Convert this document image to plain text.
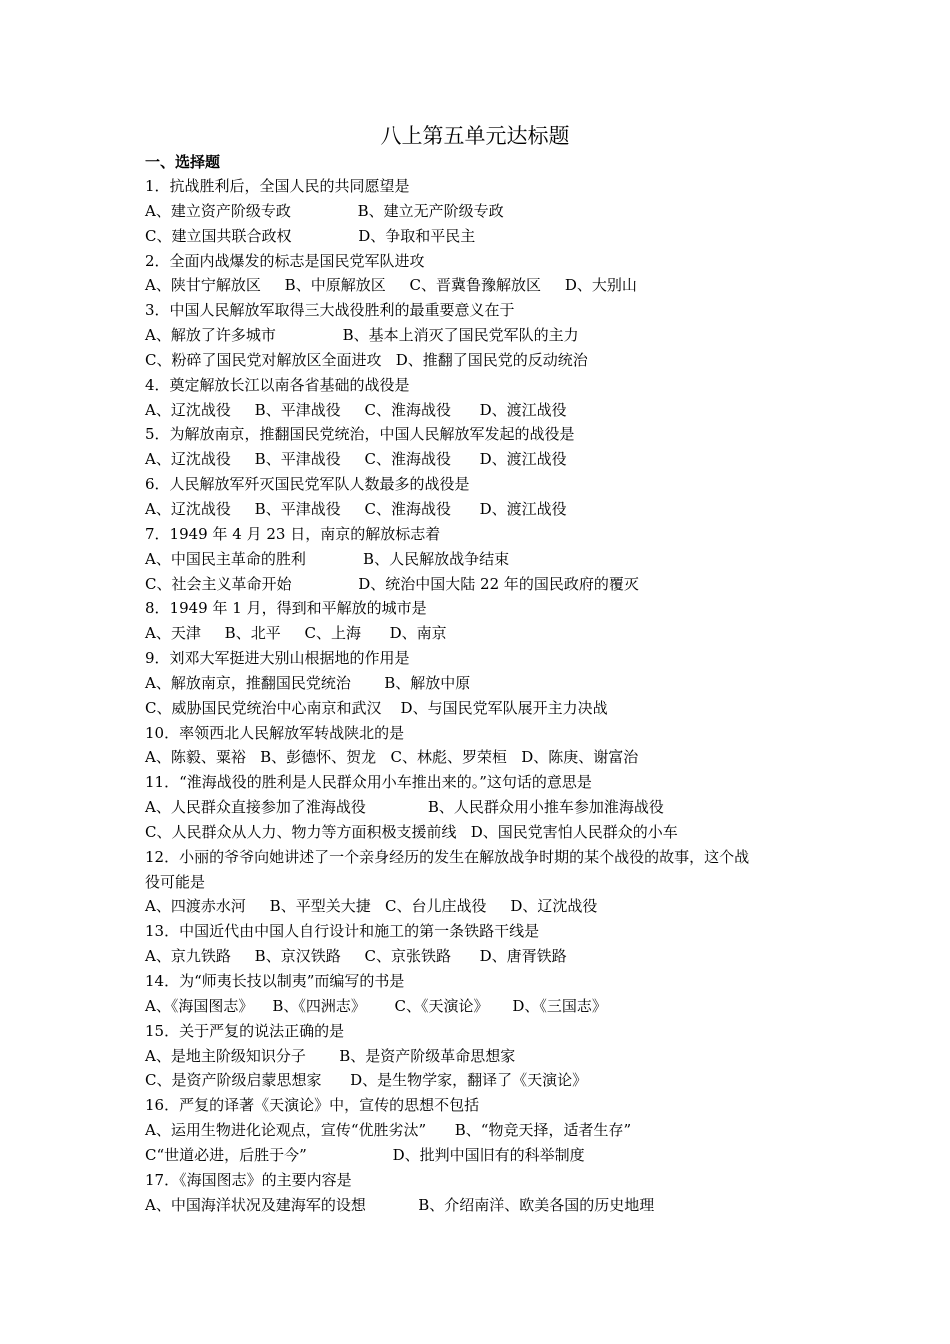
八上第五单元达标题
一、选择题
1．抗战胜利后，全国人民的共同愿望是
A、建立资产阶级专政              B、建立无产阶级专政
C、建立国共联合政权              D、争取和平民主
2．全面内战爆发的标志是国民党军队进攻
A、陕甘宁解放区     B、中原解放区     C、晋冀鲁豫解放区     D、大别山
3．中国人民解放军取得三大战役胜利的最重要意义在于
A、解放了许多城市              B、基本上消灭了国民党军队的主力
C、粉碎了国民党对解放区全面进攻   D、推翻了国民党的反动统治
4．奠定解放长江以南各省基础的战役是
A、辽沈战役     B、平津战役     C、淮海战役      D、渡江战役
5．为解放南京，推翻国民党统治，中国人民解放军发起的战役是
A、辽沈战役     B、平津战役     C、淮海战役      D、渡江战役
6．人民解放军歼灭国民党军队人数最多的战役是
A、辽沈战役     B、平津战役     C、淮海战役      D、渡江战役
7．1949 年 4 月 23 日，南京的解放标志着
A、中国民主革命的胜利            B、人民解放战争结束
C、社会主义革命开始              D、统治中国大陆 22 年的国民政府的覆灭
8．1949 年 1 月，得到和平解放的城市是
A、天津     B、北平     C、上海      D、南京
9．刘邓大军挺进大别山根据地的作用是
A、解放南京，推翻国民党统治       B、解放中原
C、威胁国民党统治中心南京和武汉    D、与国民党军队展开主力决战
10．率领西北人民解放军转战陕北的是
A、陈毅、粟裕   B、彭德怀、贺龙   C、林彪、罗荣桓   D、陈庚、谢富治
11．“淮海战役的胜利是人民群众用小车推出来的。”这句话的意思是
A、人民群众直接参加了淮海战役             B、人民群众用小推车参加淮海战役
C、人民群众从人力、物力等方面积极支援前线   D、国民党害怕人民群众的小车
12．小丽的爷爷向她讲述了一个亲身经历的发生在解放战争时期的某个战役的故事，这个战
役可能是
A、四渡赤水河     B、平型关大捷   C、台儿庄战役     D、辽沈战役
13．中国近代由中国人自行设计和施工的第一条铁路干线是
A、京九铁路     B、京汉铁路     C、京张铁路      D、唐胥铁路
14．为“师夷长技以制夷”而编写的书是
A、《海国图志》    B、《四洲志》      C、《天演论》     D、《三国志》
15．关于严复的说法正确的是
A、是地主阶级知识分子       B、是资产阶级革命思想家
C、是资产阶级启蒙思想家      D、是生物学家，翻译了《天演论》
16．严复的译著《天演论》中，宣传的思想不包括
A、运用生物进化论观点，宣传“优胜劣汰”      B、“物竞天择，适者生存”
C“世道必进，后胜于今”                  D、批判中国旧有的科举制度
17．《海国图志》的主要内容是
A、中国海洋状况及建海军的设想           B、介绍南洋、欧美各国的历史地理
